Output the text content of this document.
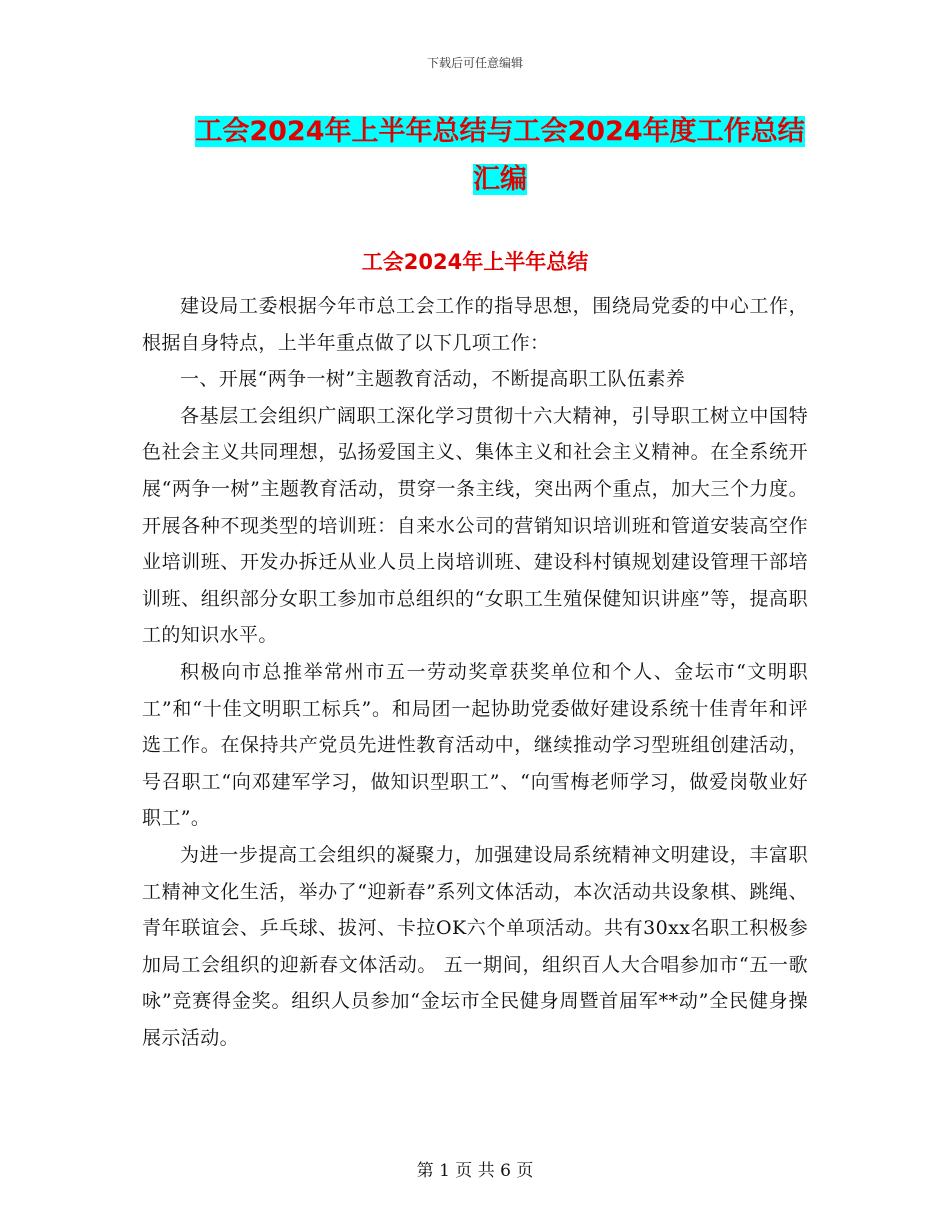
下载后可任意编辑
工会2024年上半年总结与工会2024年度工作总结汇编
工会2024年上半年总结

建设局工委根据今年市总工会工作的指导思想，围绕局党委的中心工作，根据自身特点，上半年重点做了以下几项工作：

一、开展“两争一树”主题教育活动，不断提高职工队伍素养

各基层工会组织广阔职工深化学习贯彻十六大精神，引导职工树立中国特色社会主义共同理想，弘扬爱国主义、集体主义和社会主义精神。在全系统开展“两争一树”主题教育活动，贯穿一条主线，突出两个重点，加大三个力度。开展各种不现类型的培训班：自来水公司的营销知识培训班和管道安装高空作业培训班、开发办拆迁从业人员上岗培训班、建设科村镇规划建设管理干部培训班、组织部分女职工参加市总组织的“女职工生殖保健知识讲座”等，提高职工的知识水平。

积极向市总推举常州市五一劳动奖章获奖单位和个人、金坛市“文明职工”和“十佳文明职工标兵”。和局团一起协助党委做好建设系统十佳青年和评选工作。在保持共产党员先进性教育活动中，继续推动学习型班组创建活动，号召职工“向邓建军学习，做知识型职工”、“向雪梅老师学习，做爱岗敬业好职工”。

为进一步提高工会组织的凝聚力，加强建设局系统精神文明建设，丰富职工精神文化生活，举办了“迎新春”系列文体活动，本次活动共设象棋、跳绳、青年联谊会、乒乓球、拔河、卡拉OK六个单项活动。共有30xx名职工积极参加局工会组织的迎新春文体活动。 五一期间，组织百人大合唱参加市“五一歌咏”竞赛得金奖。组织人员参加“金坛市全民健身周暨首届军**动”全民健身操展示活动。

第 1 页 共 6 页
